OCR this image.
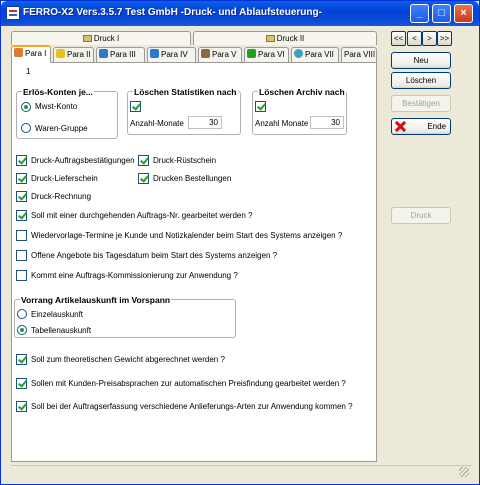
FERRO-X2 Vers.3.5.7 Test GmbH -Druck- und Ablaufsteuerung-	_	□	×
Druck I	Druck II
Para I	Para II	Para III	Para IV	Para V	Para VI	Para VII	Para VIII
1
Erlös-Konten je...
Mwst-Konto
Waren-Gruppe
Löschen Statistiken nach
Anzahl-Monate	30
Löschen Archiv nach
Anzahl Monate	30
Druck-Auftragsbestätigungen Druck-Rüstschein
Druck-Lieferschein	Drucken Bestellungen
Druck-Rechnung
Soll mit einer durchgehenden Auftrags-Nr. gearbeitet werden ?
Wiedervorlage-Termine je Kunde und Notizkalender beim Start des Systems anzeigen ?
Offene Angebote bis Tagesdatum beim Start des Systems anzeigen ?
Kommt eine Auftrags-Kommissionierung zur Anwendung ?
Vorrang Artikelauskunft im Vorspann
Einzelauskunft
Tabellenauskunft
Soll zum theoretischen Gewicht abgerechnet werden ?
Sollen mit Kunden-Preisabsprachen zur automatischen Preisfindung gearbeitet werden ?
Soll bei der Auftragserfassung verschiedene Anlieferungs-Arten zur Anwendung kommen ?
<<	<	>	>>
Neu
Löschen
Bestätigen
Ende
Druck
